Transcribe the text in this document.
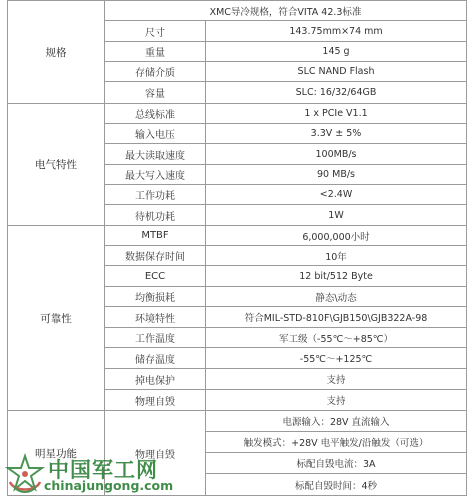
规格	XMC导冷规格，符合VITA 42.3标准	
	尺寸	143.75mm×74 mm
	重量	145 g
	存储介质	SLC NAND Flash
	容量	SLC: 16/32/64GB
电气特性	总线标准	1 x PCIe V1.1
	输入电压	3.3V ± 5%
	最大读取速度	100MB/s
	最大写入速度	90 MB/s
	工作功耗	<2.4W
	待机功耗	1W
可靠性	MTBF	6,000,000小时
	数据保存时间	10年
	ECC	12 bit/512 Byte
	均衡损耗	静态\动态
	环境特性	符合MIL-STD-810F\GJB150\GJB322A-98
	工作温度	军工级（-55℃～+85℃）
	储存温度	-55℃～+125℃
	掉电保护	支持
	物理自毁	支持
明星功能	物理自毁	电源输入：28V 直流输入
		触发模式：+28V 电平触发/沿触发（可选）
		标配自毁电流：3A
		标配自毁时间：4秒
中国军工网
chinajungong.com
